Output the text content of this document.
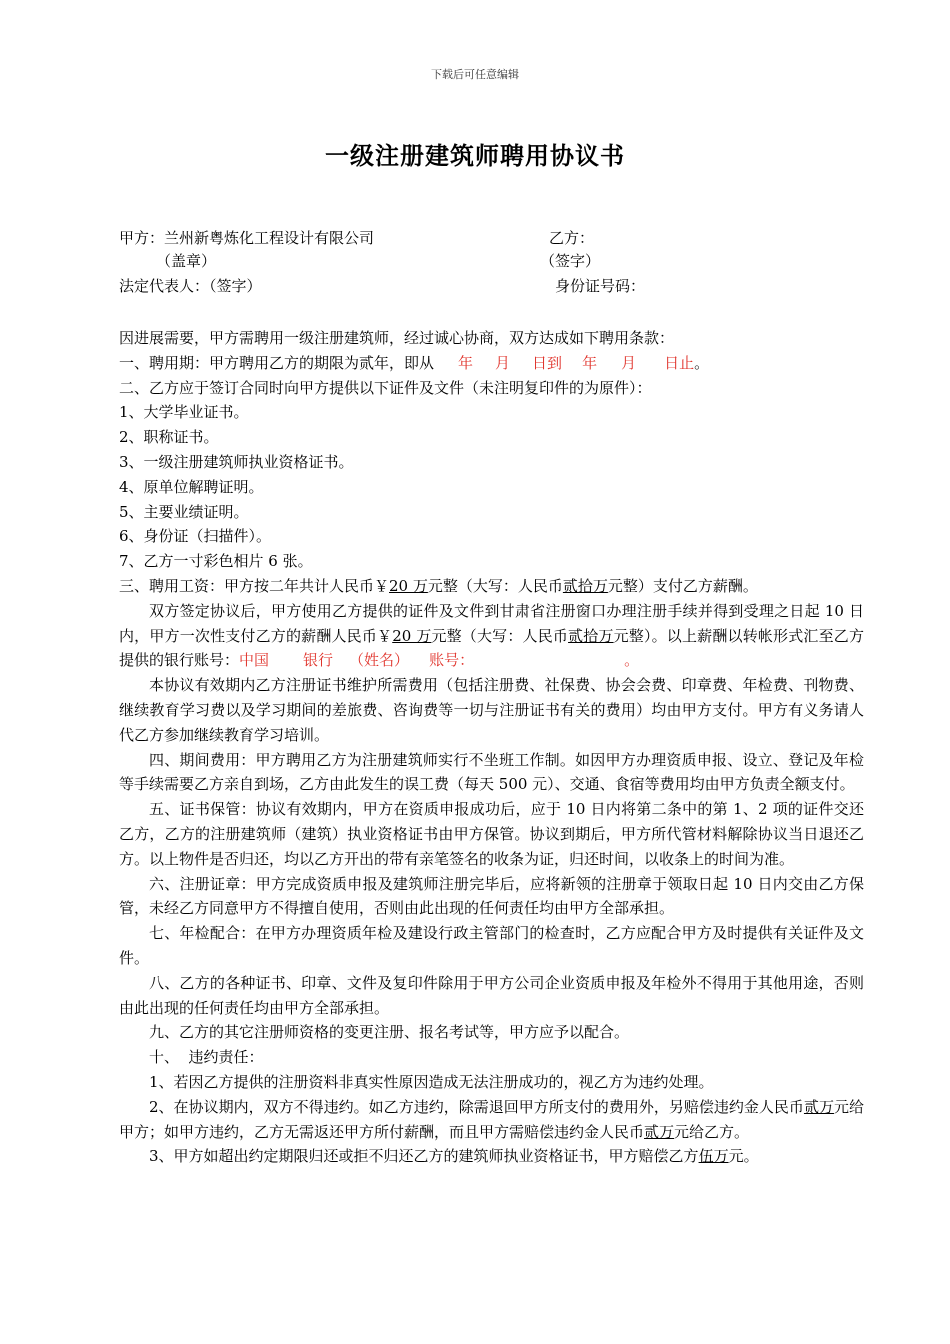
下载后可任意编辑
一级注册建筑师聘用协议书
甲方：兰州新粤炼化工程设计有限公司	乙方：
（盖章）	（签字）
法定代表人：（签字）	身份证号码：

因进展需要，甲方需聘用一级注册建筑师，经过诚心协商，双方达成如下聘用条款：

一、聘用期：甲方聘用乙方的期限为贰年，即从 年 月 日到 年 月 日止。

二、乙方应于签订合同时向甲方提供以下证件及文件（未注明复印件的为原件）：

1、大学毕业证书。

2、职称证书。

3、一级注册建筑师执业资格证书。

4、原单位解聘证明。

5、主要业绩证明。

6、身份证（扫描件）。

7、乙方一寸彩色相片 6 张。

三、聘用工资：甲方按二年共计人民币￥20 万元整（大写：人民币贰拾万元整）支付乙方薪酬。

双方签定协议后，甲方使用乙方提供的证件及文件到甘肃省注册窗口办理注册手续并得到受理之日起 10 日内，甲方一次性支付乙方的薪酬人民币￥20 万元整（大写：人民币贰拾万元整）。以上薪酬以转帐形式汇至乙方提供的银行账号：中国 银行 （姓名） 账号：	。

本协议有效期内乙方注册证书维护所需费用（包括注册费、社保费、协会会费、印章费、年检费、刊物费、继续教育学习费以及学习期间的差旅费、咨询费等一切与注册证书有关的费用）均由甲方支付。甲方有义务请人代乙方参加继续教育学习培训。

四、期间费用：甲方聘用乙方为注册建筑师实行不坐班工作制。如因甲方办理资质申报、设立、登记及年检等手续需要乙方亲自到场，乙方由此发生的误工费（每天 500 元）、交通、食宿等费用均由甲方负责全额支付。

五、证书保管：协议有效期内，甲方在资质申报成功后，应于 10 日内将第二条中的第 1、2 项的证件交还乙方，乙方的注册建筑师（建筑）执业资格证书由甲方保管。协议到期后，甲方所代管材料解除协议当日退还乙方。以上物件是否归还，均以乙方开出的带有亲笔签名的收条为证，归还时间，以收条上的时间为准。

六、注册证章：甲方完成资质申报及建筑师注册完毕后，应将新领的注册章于领取日起 10 日内交由乙方保管，未经乙方同意甲方不得擅自使用，否则由此出现的任何责任均由甲方全部承担。

七、年检配合：在甲方办理资质年检及建设行政主管部门的检查时，乙方应配合甲方及时提供有关证件及文件。

八、乙方的各种证书、印章、文件及复印件除用于甲方公司企业资质申报及年检外不得用于其他用途，否则由此出现的任何责任均由甲方全部承担。

九、乙方的其它注册师资格的变更注册、报名考试等，甲方应予以配合。

十、  违约责任：

1、若因乙方提供的注册资料非真实性原因造成无法注册成功的，视乙方为违约处理。

2、在协议期内，双方不得违约。如乙方违约，除需退回甲方所支付的费用外，另赔偿违约金人民币贰万元给甲方；如甲方违约，乙方无需返还甲方所付薪酬，而且甲方需赔偿违约金人民币贰万元给乙方。

3、甲方如超出约定期限归还或拒不归还乙方的建筑师执业资格证书，甲方赔偿乙方伍万元。
